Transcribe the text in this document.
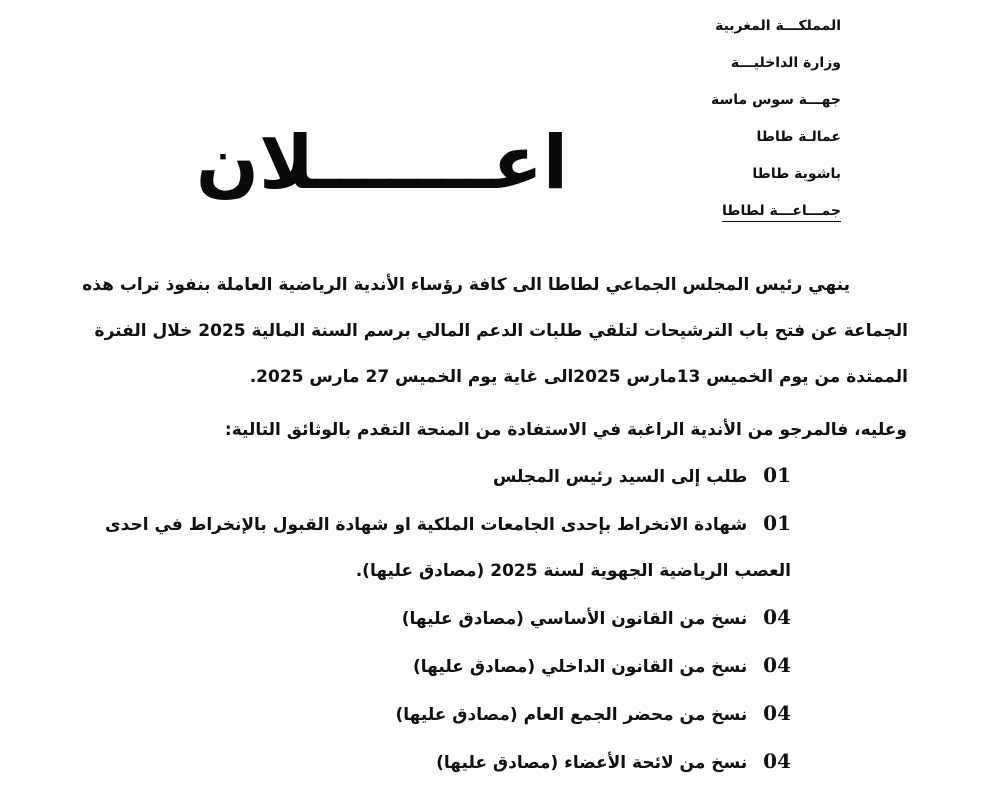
المملكـــة المغربية
وزارة الداخليـــة
جهـــة سوس ماسة
عمالـة طاطا
باشوية طاطا
جمـــاعـــة لطاطا
اعـــــــلان
ينهي رئيس المجلس الجماعي لطاطا الى كافة رؤساء الأندية الرياضية العاملة بنفوذ تراب هذه
الجماعة عن فتح باب الترشيحات لتلقي طلبات الدعم المالي برسم السنة المالية 2025 خلال الفترة
الممتدة من يوم الخميس 13مارس 2025الى غاية يوم الخميس 27 مارس 2025.
وعليه، فالمرجو من الأندية الراغبة في الاستفادة من المنحة التقدم بالوثائق التالية:
01 طلب إلى السيد رئيس المجلس
01 شهادة الانخراط بإحدى الجامعات الملكية او شهادة القبول بالإنخراط في احدى
العصب الرياضية الجهوية لسنة 2025 (مصادق عليها).
04 نسخ من القانون الأساسي (مصادق عليها)
04 نسخ من القانون الداخلي (مصادق عليها)
04 نسخ من محضر الجمع العام (مصادق عليها)
04 نسخ من لائحة الأعضاء (مصادق عليها)
